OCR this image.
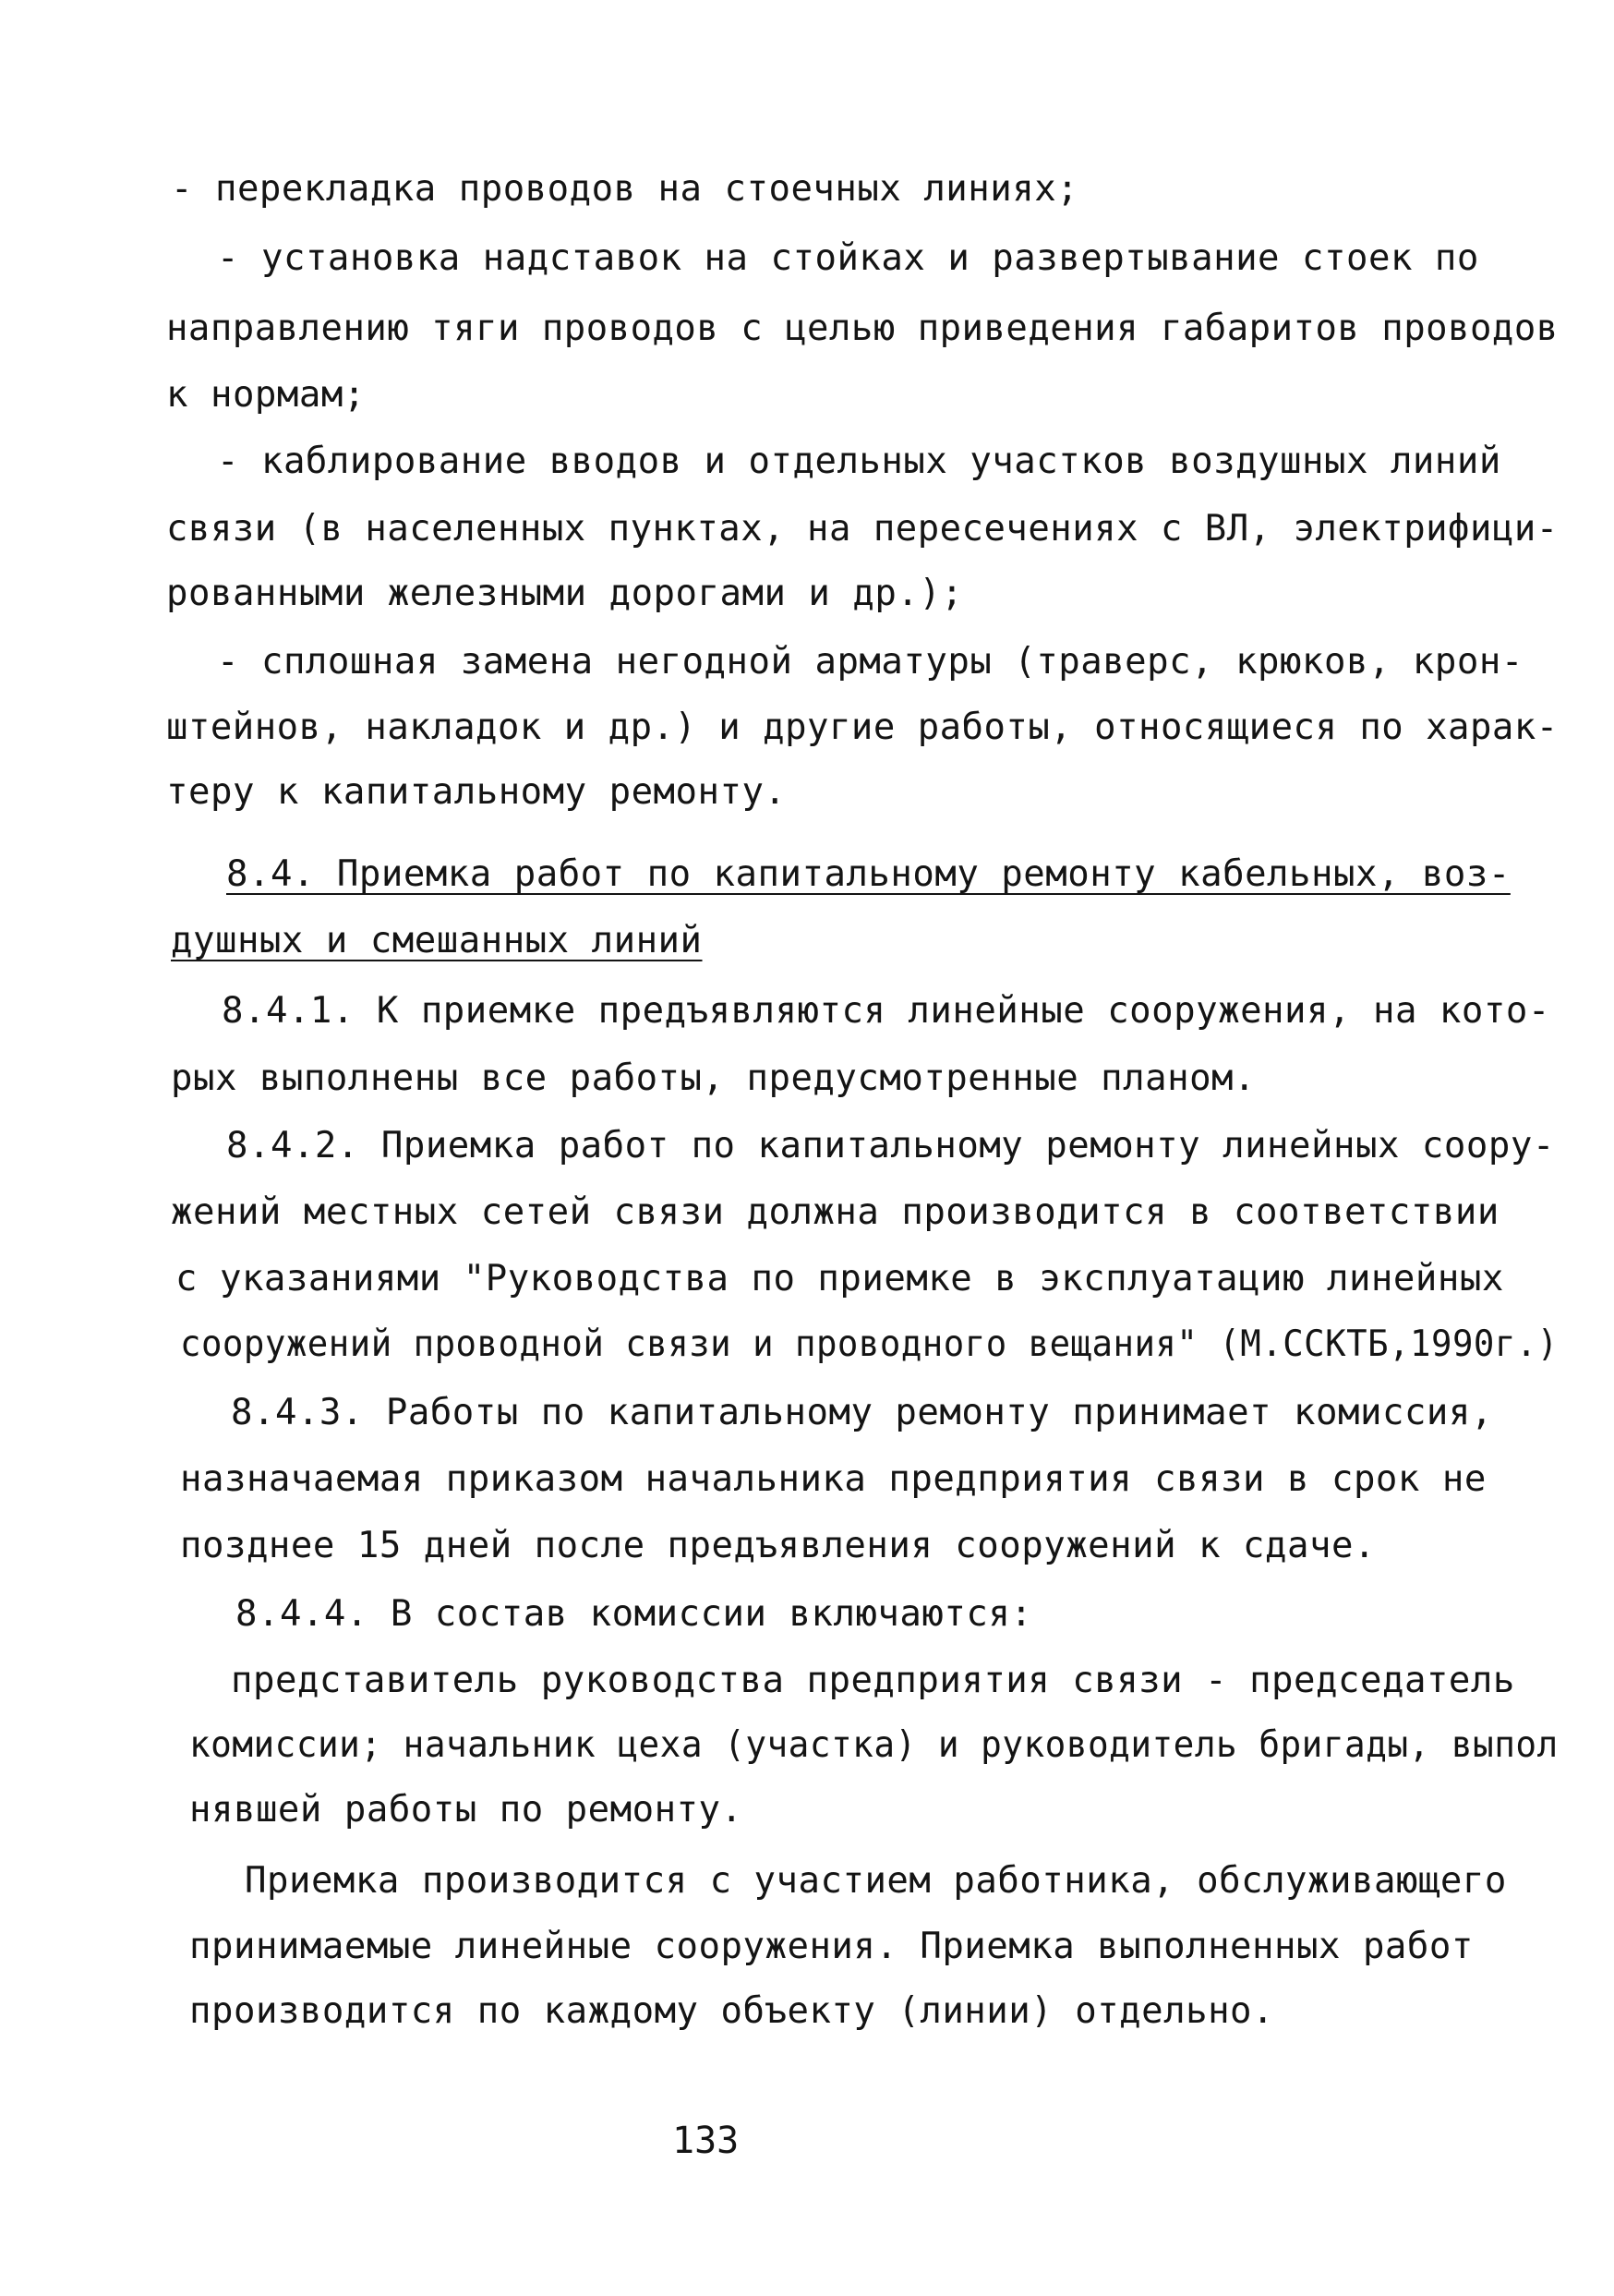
- перекладка проводов на стоечных линиях;
- установка надставок на стойках и развертывание стоек по
направлению тяги проводов с целью приведения габаритов проводов
к нормам;
- каблирование вводов и отдельных участков воздушных линий
связи (в населенных пунктах, на пересечениях с ВЛ, электрифици-
рованными железными дорогами и др.);
- сплошная замена негодной арматуры (траверс, крюков, крон-
штейнов, накладок и др.) и другие работы, относящиеся по харак-
теру к капитальному ремонту.
8.4. Приемка работ по капитальному ремонту кабельных, воз-
душных и смешанных линий
8.4.1. К приемке предъявляются линейные сооружения, на кото-
рых выполнены все работы, предусмотренные планом.
8.4.2. Приемка работ по капитальному ремонту линейных соору-
жений местных сетей связи должна производится в соответствии
с указаниями "Руководства по приемке в эксплуатацию линейных
сооружений проводной связи и проводного вещания" (М.ССКТБ,1990г.)
8.4.3. Работы по капитальному ремонту принимает комиссия,
назначаемая приказом начальника предприятия связи в срок не
позднее 15 дней после предъявления сооружений к сдаче.
8.4.4. В состав комиссии включаются:
представитель руководства предприятия связи - председатель
комиссии; начальник цеха (участка) и руководитель бригады, выпол
нявшей работы по ремонту.
Приемка производится с участием работника, обслуживающего
принимаемые линейные сооружения. Приемка выполненных работ
производится по каждому объекту (линии) отдельно.
133
